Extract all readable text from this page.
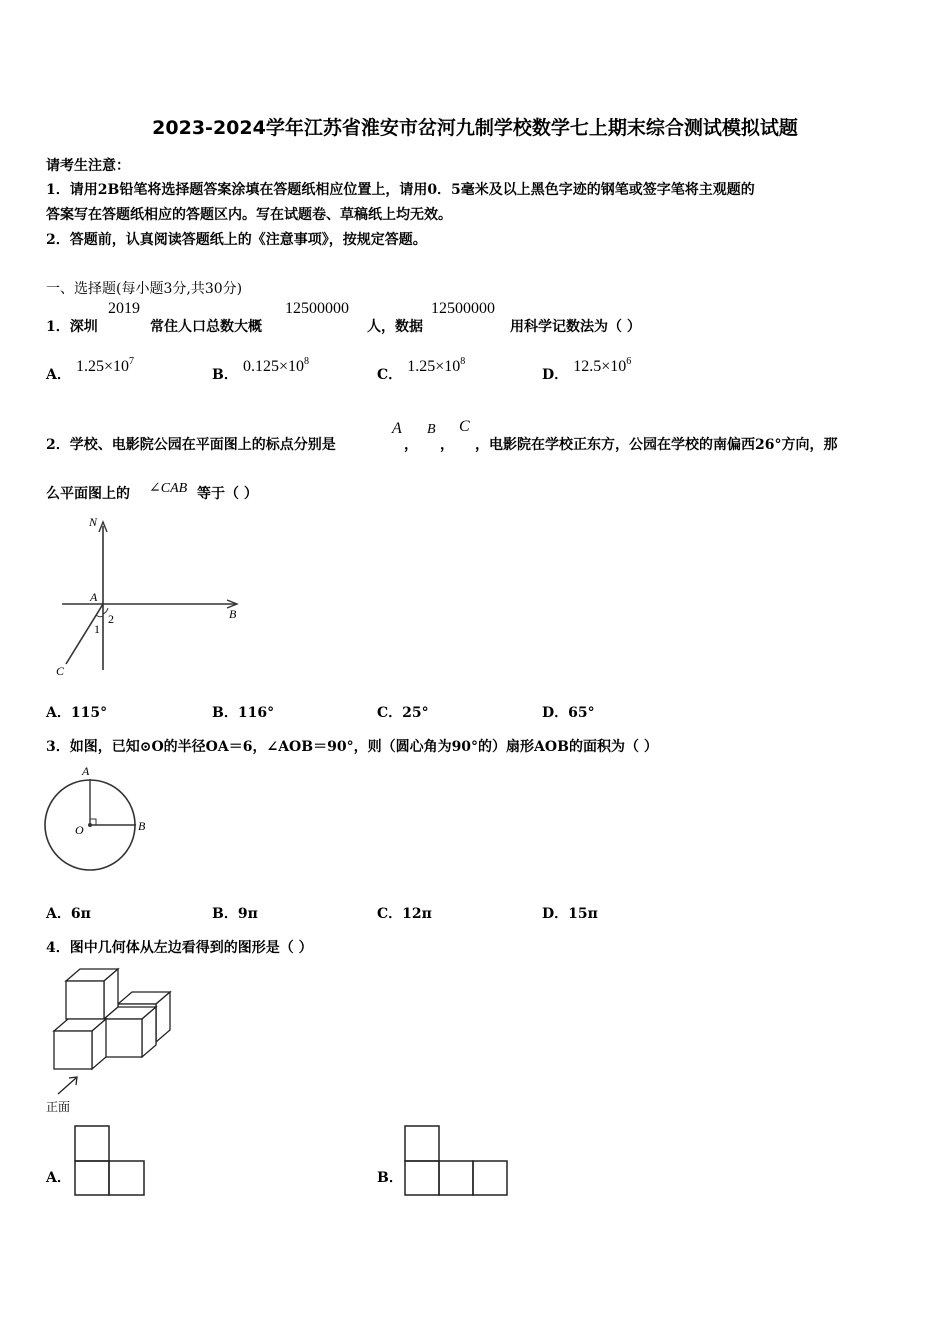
2023-2024学年江苏省淮安市岔河九制学校数学七上期末综合测试模拟试题
请考生注意：
1．请用2B铅笔将选择题答案涂填在答题纸相应位置上，请用0．5毫米及以上黑色字迹的钢笔或签字笔将主观题的
答案写在答题纸相应的答题区内。写在试题卷、草稿纸上均无效。
2．答题前，认真阅读答题纸上的《注意事项》，按规定答题。
一、选择题(每小题3分,共30分)
1．深圳
2019
常住人口总数大概
12500000
人，数据
12500000
用科学记数法为（ ）
A． $1.25\times 10^7$
B． $0.125\times 10^8$
C． $1.25\times 10^8$
D． $12.5\times 10^6$
2．学校、电影院公园在平面图上的标点分别是
A
，
B
，
C
，电影院在学校正东方，公园在学校的南偏西26°方向，那
么平面图上的 ∠CAB 等于（ ）
N
A
B
C
1
2
A．115°	B．116°	C．25°	D．65°
3．如图，已知⊙O的半径OA＝6，∠AOB＝90°，则（圆心角为90°的）扇形AOB的面积为（ ）
A
O	B
A．6π	B．9π	C．12π	D．15π
4．图中几何体从左边看得到的图形是（ ）
正面
A．	B．
